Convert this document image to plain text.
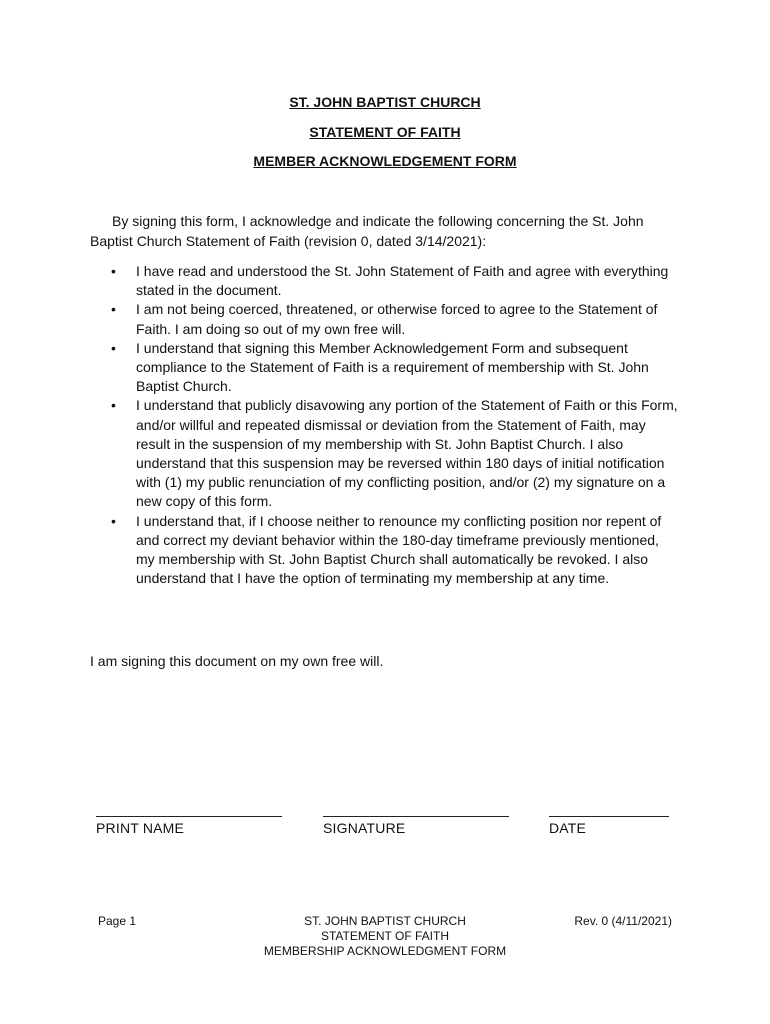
ST. JOHN BAPTIST CHURCH
STATEMENT OF FAITH
MEMBER ACKNOWLEDGEMENT FORM
By signing this form, I acknowledge and indicate the following concerning the St. John Baptist Church Statement of Faith (revision 0, dated 3/14/2021):
• I have read and understood the St. John Statement of Faith and agree with everything stated in the document.
• I am not being coerced, threatened, or otherwise forced to agree to the Statement of Faith. I am doing so out of my own free will.
• I understand that signing this Member Acknowledgement Form and subsequent compliance to the Statement of Faith is a requirement of membership with St. John Baptist Church.
• I understand that publicly disavowing any portion of the Statement of Faith or this Form, and/or willful and repeated dismissal or deviation from the Statement of Faith, may result in the suspension of my membership with St. John Baptist Church. I also understand that this suspension may be reversed within 180 days of initial notification with (1) my public renunciation of my conflicting position, and/or (2) my signature on a new copy of this form.
• I understand that, if I choose neither to renounce my conflicting position nor repent of and correct my deviant behavior within the 180-day timeframe previously mentioned, my membership with St. John Baptist Church shall automatically be revoked. I also understand that I have the option of terminating my membership at any time.
I am signing this document on my own free will.
PRINT NAME	SIGNATURE	DATE
Page 1	ST. JOHN BAPTIST CHURCH
STATEMENT OF FAITH
MEMBERSHIP ACKNOWLEDGMENT FORM
Rev. 0 (4/11/2021)
